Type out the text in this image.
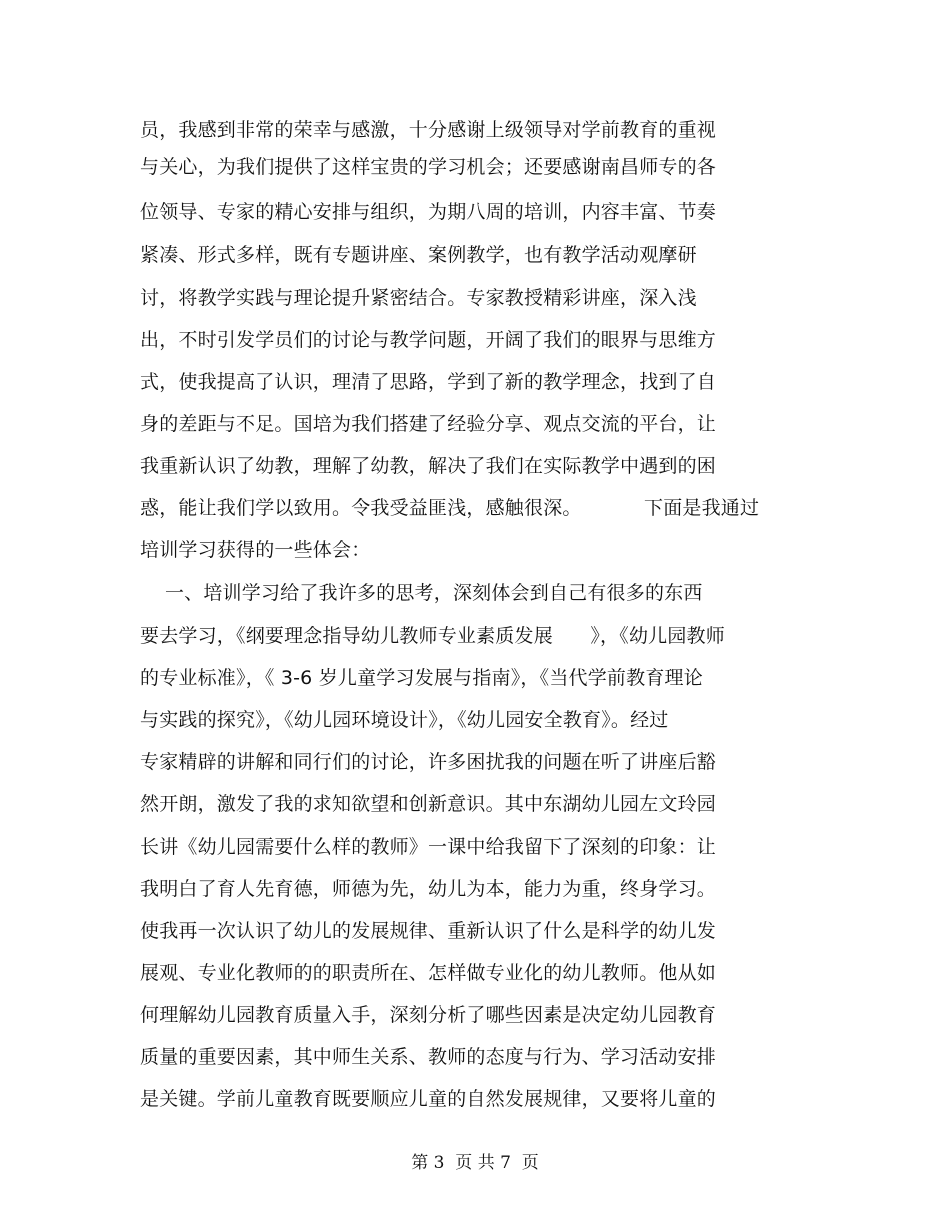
员，我感到非常的荣幸与感激，十分感谢上级领导对学前教育的重视
与关心，为我们提供了这样宝贵的学习机会；还要感谢南昌师专的各
位领导、专家的精心安排与组织，为期八周的培训，内容丰富、节奏
紧凑、形式多样，既有专题讲座、案例教学，也有教学活动观摩研
讨，将教学实践与理论提升紧密结合。专家教授精彩讲座，深入浅
出，不时引发学员们的讨论与教学问题，开阔了我们的眼界与思维方
式，使我提高了认识，理清了思路，学到了新的教学理念，找到了自
身的差距与不足。国培为我们搭建了经验分享、观点交流的平台，让
我重新认识了幼教，理解了幼教，解决了我们在实际教学中遇到的困
惑，能让我们学以致用。令我受益匪浅，感触很深。          下面是我通过
培训学习获得的一些体会：
一、培训学习给了我许多的思考，深刻体会到自己有很多的东西
要去学习，《纲要理念指导幼儿教师专业素质发展      》，《幼儿园教师
的专业标准》，《 3-6 岁儿童学习发展与指南》，《当代学前教育理论
与实践的探究》，《幼儿园环境设计》，《幼儿园安全教育》。经过
专家精辟的讲解和同行们的讨论，许多困扰我的问题在听了讲座后豁
然开朗，激发了我的求知欲望和创新意识。其中东湖幼儿园左文玲园
长讲《幼儿园需要什么样的教师》一课中给我留下了深刻的印象：让
我明白了育人先育德，师德为先，幼儿为本，能力为重，终身学习。
使我再一次认识了幼儿的发展规律、重新认识了什么是科学的幼儿发
展观、专业化教师的的职责所在、怎样做专业化的幼儿教师。他从如
何理解幼儿园教育质量入手，深刻分析了哪些因素是决定幼儿园教育
质量的重要因素，其中师生关系、教师的态度与行为、学习活动安排
是关键。学前儿童教育既要顺应儿童的自然发展规律，又要将儿童的
第 3  页 共 7  页
